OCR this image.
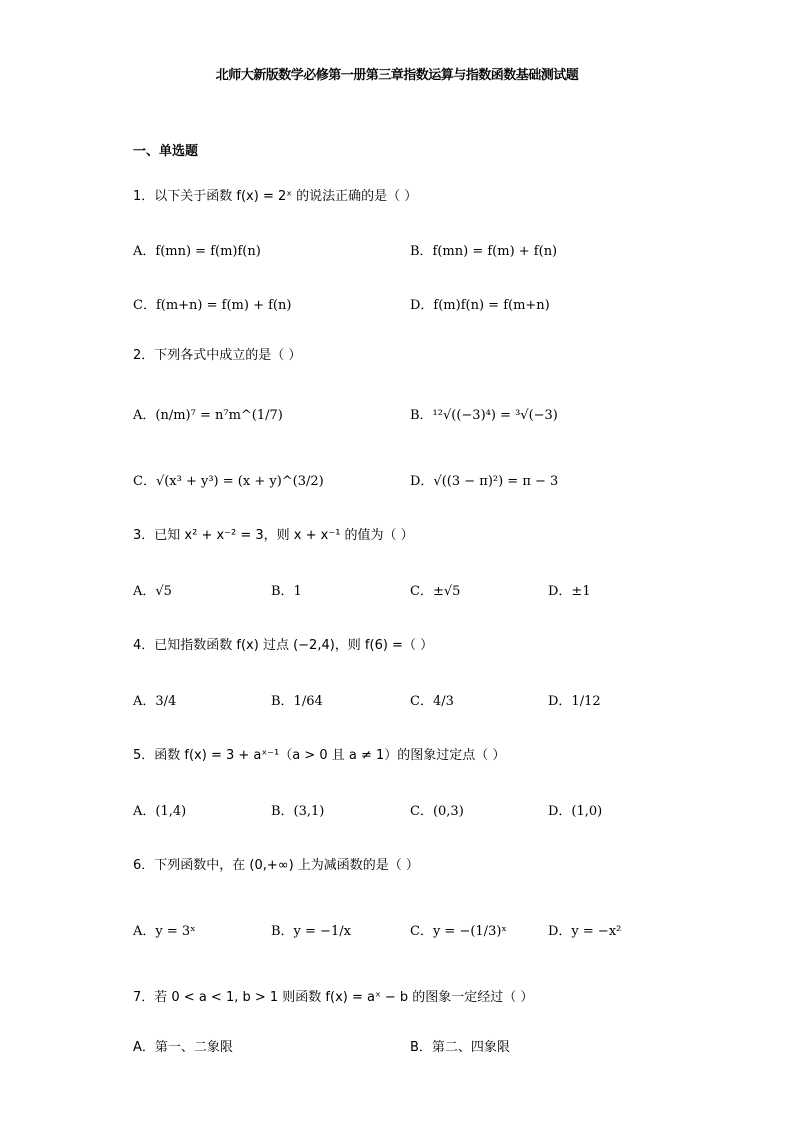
北师大新版数学必修第一册第三章指数运算与指数函数基础测试题
一、单选题
1．以下关于函数 f(x) = 2ˣ 的说法正确的是（ ）
A．f(mn) = f(m)f(n)	B．f(mn) = f(m) + f(n)
C．f(m+n) = f(m) + f(n)	D．f(m)f(n) = f(m+n)
2．下列各式中成立的是（ ）
A．(n/m)⁷ = n⁷m^(1/7)	B．¹²√((−3)⁴) = ³√(−3)
C．√(x³ + y³) = (x + y)^(3/2)	D．√((3 − π)²) = π − 3
3．已知 x² + x⁻² = 3，则 x + x⁻¹ 的值为（ ）
A．√5	B．1	C．±√5	D．±1
4．已知指数函数 f(x) 过点 (−2,4)，则 f(6) =（ ）
A．3/4	B．1/64	C．4/3	D．1/12
5．函数 f(x) = 3 + aˣ⁻¹（a > 0 且 a ≠ 1）的图象过定点（ ）
A．(1,4)	B．(3,1)	C．(0,3)	D．(1,0)
6．下列函数中，在 (0,+∞) 上为减函数的是（ ）
A．y = 3ˣ	B．y = −1/x	C．y = −(1/3)ˣ	D．y = −x²
7．若 0 < a < 1, b > 1 则函数 f(x) = aˣ − b 的图象一定经过（ ）
A．第一、二象限	B．第二、四象限
